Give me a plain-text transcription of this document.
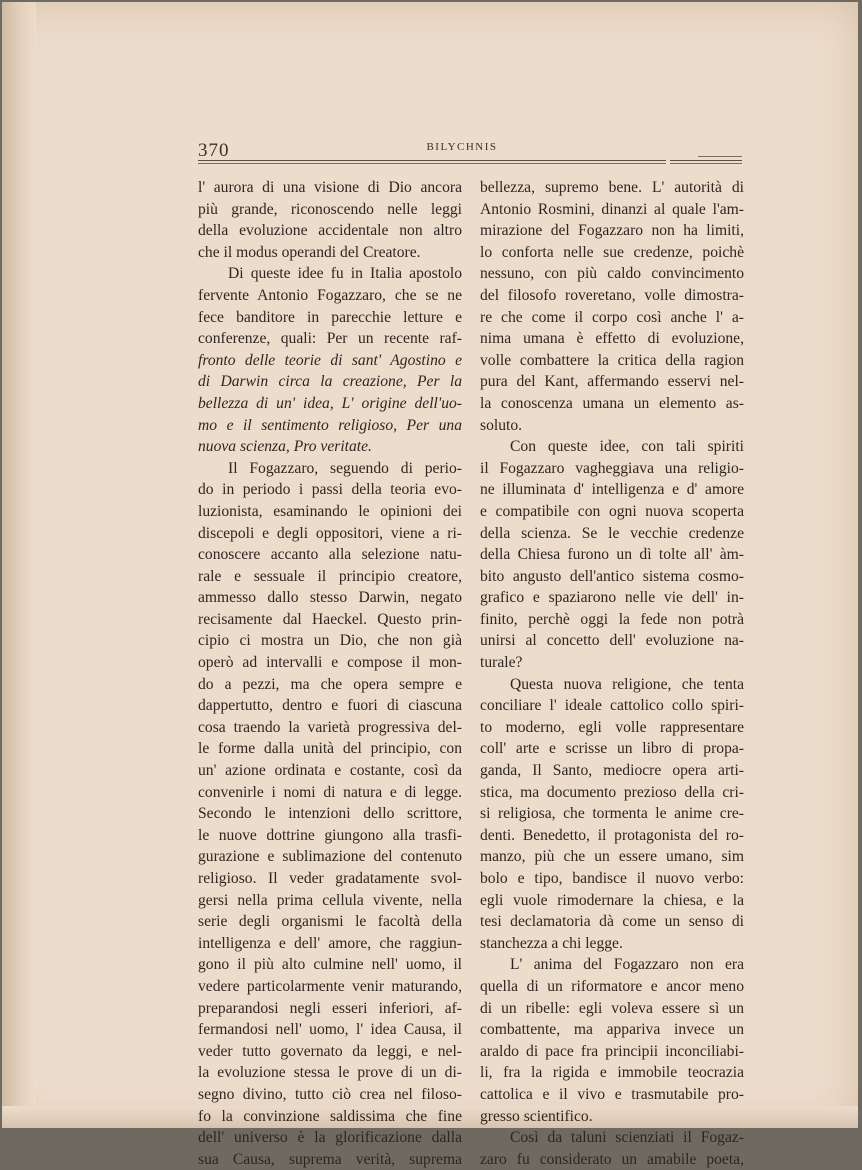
370	BILYCHNIS
l' aurora di una visione di Dio ancora
più grande, riconoscendo nelle leggi
della evoluzione accidentale non altro
che il modus operandi del Creatore.
Di queste idee fu in Italia apostolo
fervente Antonio Fogazzaro, che se ne
fece banditore in parecchie letture e
conferenze, quali: Per un recente raf-
fronto delle teorie di sant' Agostino e
di Darwin circa la creazione, Per la
bellezza di un' idea, L' origine dell'uo-
mo e il sentimento religioso, Per una
nuova scienza, Pro veritate.
Il Fogazzaro, seguendo di perio-
do in periodo i passi della teoria evo-
luzionista, esaminando le opinioni dei
discepoli e degli oppositori, viene a ri-
conoscere accanto alla selezione natu-
rale e sessuale il principio creatore,
ammesso dallo stesso Darwin, negato
recisamente dal Haeckel. Questo prin-
cipio ci mostra un Dio, che non già
operò ad intervalli e compose il mon-
do a pezzi, ma che opera sempre e
dappertutto, dentro e fuori di ciascuna
cosa traendo la varietà progressiva del-
le forme dalla unità del principio, con
un' azione ordinata e costante, così da
convenirle i nomi di natura e di legge.
Secondo le intenzioni dello scrittore,
le nuove dottrine giungono alla trasfi-
gurazione e sublimazione del contenuto
religioso. Il veder gradatamente svol-
gersi nella prima cellula vivente, nella
serie degli organismi le facoltà della
intelligenza e dell' amore, che raggiun-
gono il più alto culmine nell' uomo, il
vedere particolarmente venir maturando,
preparandosi negli esseri inferiori, af-
fermandosi nell' uomo, l' idea Causa, il
veder tutto governato da leggi, e nel-
la evoluzione stessa le prove di un di-
segno divino, tutto ciò crea nel filoso-
fo la convinzione saldissima che fine
dell' universo è la glorificazione dalla
sua Causa, suprema verità, suprema
bellezza, supremo bene. L' autorità di
Antonio Rosmini, dinanzi al quale l'am-
mirazione del Fogazzaro non ha limiti,
lo conforta nelle sue credenze, poichè
nessuno, con più caldo convincimento
del filosofo roveretano, volle dimostra-
re che come il corpo così anche l' a-
nima umana è effetto di evoluzione,
volle combattere la critica della ragion
pura del Kant, affermando esservi nel-
la conoscenza umana un elemento as-
soluto.
Con queste idee, con tali spiriti
il Fogazzaro vagheggiava una religio-
ne illuminata d' intelligenza e d' amore
e compatibile con ogni nuova scoperta
della scienza. Se le vecchie credenze
della Chiesa furono un dì tolte all' àm-
bito angusto dell'antico sistema cosmo-
grafico e spaziarono nelle vie dell' in-
finito, perchè oggi la fede non potrà
unirsi al concetto dell' evoluzione na-
turale?
Questa nuova religione, che tenta
conciliare l' ideale cattolico collo spiri-
to moderno, egli volle rappresentare
coll' arte e scrisse un libro di propa-
ganda, Il Santo, mediocre opera arti-
stica, ma documento prezioso della cri-
si religiosa, che tormenta le anime cre-
denti. Benedetto, il protagonista del ro-
manzo, più che un essere umano, sim
bolo e tipo, bandisce il nuovo verbo:
egli vuole rimodernare la chiesa, e la
tesi declamatoria dà come un senso di
stanchezza a chi legge.
L' anima del Fogazzaro non era
quella di un riformatore e ancor meno
di un ribelle: egli voleva essere sì un
combattente, ma appariva invece un
araldo di pace fra principii inconciliabi-
li, fra la rigida e immobile teocrazia
cattolica e il vivo e trasmutabile pro-
gresso scientifico.
Così da taluni scienziati il Fogaz-
zaro fu considerato un amabile poeta,
